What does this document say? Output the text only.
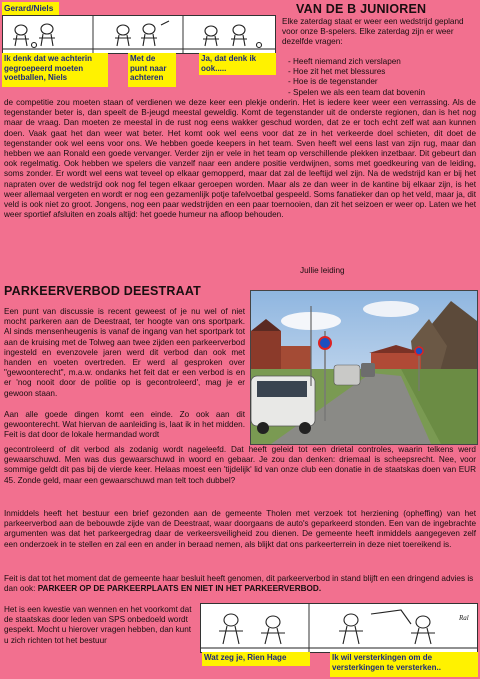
Gerard/Niels
Ik denk dat we achterin gegroepeerd moeten voetballen, Niels
Met de punt naar achteren
Ja, dat denk ik ook.....
VAN DE B JUNIOREN
Elke zaterdag staat er weer een wedstrijd gepland voor onze B-spelers. Elke zaterdag zijn er weer dezelfde vragen:
- Heeft niemand zich verslapen
- Hoe zit het met blessures
- Hoe is de tegenstander
- Spelen we als een team dat bovenin
de competitie zou moeten staan of verdienen we deze keer een plekje onderin. Het is iedere keer weer een verrassing. Als de tegenstander beter is, dan speelt de B-jeugd meestal geweldig. Komt de tegenstander uit de onderste regionen, dan is het nog maar de vraag. Dan moeten ze meestal in de rust nog eens wakker geschud worden, dat ze er toch echt zelf wat aan kunnen doen. Vaak gaat het dan weer wat beter. Het komt ook wel eens voor dat ze in het verkeerde doel schieten, dit doet de tegenstander ook wel eens voor ons. We hebben goede keepers in het team. Sven heeft wel eens last van zijn rug, maar dan hebben we aan Ronald een goede vervanger. Verder zijn er vele in het team op verschillende plekken inzetbaar. Dit gebeurt dan ook regelmatig. Ook hebben we spelers die vanzelf naar een andere positie verdwijnen, soms met goedkeuring van de leiding, soms zonder. Er wordt wel eens wat teveel op elkaar gemopperd, maar dat zal de leeftijd wel zijn. Na de wedstrijd kan er bij het napraten over de wedstrijd ook nog fel tegen elkaar geroepen worden. Maar als ze dan weer in de kantine bij elkaar zijn, is het weer allemaal vergeten en wordt er nog een gezamenlijk potje tafelvoetbal gespeeld. Soms fanatieker dan op het veld, maar ja, dit veld is ook niet zo groot. Jongens, nog een paar wedstrijden en een paar toernooien, dan zit het seizoen er weer op. Laten we het weer sportief afsluiten en zoals altijd: het goede humeur na afloop behouden.
Jullie leiding
PARKEERVERBOD DEESTRAAT
Een punt van discussie is recent geweest of je nu wel of niet mocht parkeren aan de Deestraat, ter hoogte van ons sportpark. Al sinds mensenheugenis is vanaf de ingang van het sportpark tot aan de kruising met de Tolweg aan twee zijden een parkeerverbod ingesteld en evenzovele jaren werd dit verbod dan ook met handen en voeten overtreden. Er werd al gesproken over "gewoonterecht", m.a.w. ondanks het feit dat er een verbod is en er 'nog nooit door de politie op is gecontroleerd', mag je er gewoon staan.
Aan alle goede dingen komt een einde. Zo ook aan dit gewoonterecht. Wat hiervan de aanleiding is, laat ik in het midden. Feit is dat door de lokale hermandad wordt
gecontroleerd of dit verbod als zodanig wordt nageleefd. Dat heeft geleid tot een drietal controles, waarin telkens werd gewaarschuwd. Men was dus gewaarschuwd in woord en gebaar. Je zou dan denken: driemaal is scheepsrecht. Nee, voor sommige geldt dit pas bij de vierde keer. Helaas moest een 'tijdelijk' lid van onze club een donatie in de staatskas doen van EUR 45. Zonde geld, maar een gewaarschuwd man telt toch dubbel?
Inmiddels heeft het bestuur een brief gezonden aan de gemeente Tholen met verzoek tot herziening (opheffing) van het parkeerverbod aan de bebouwde zijde van de Deestraat, waar doorgaans de auto's geparkeerd stonden. Een van de ingebrachte argumenten was dat het parkeergedrag daar de verkeersveiligheid zou dienen. De gemeente heeft inmiddels aangegeven zelf een onderzoek in te stellen en zal een en ander in beraad nemen, als blijkt dat ons parkeerterrein in deze niet toereikend is.
Feit is dat tot het moment dat de gemeente haar besluit heeft genomen, dit parkeerverbod in stand blijft en een dringend advies is dan ook: PARKEER OP DE PARKEERPLAATS EN NIET IN HET PARKEERVERBOD.
Het is een kwestie van wennen en het voorkomt dat de staatskas door leden van SPS onbedoeld wordt gespekt. Mocht u hierover vragen hebben, dan kunt u zich richten tot het bestuur
Ral
Wat zeg je, Rien Hage	Ik wil versterkingen om de versterkingen te versterken..
